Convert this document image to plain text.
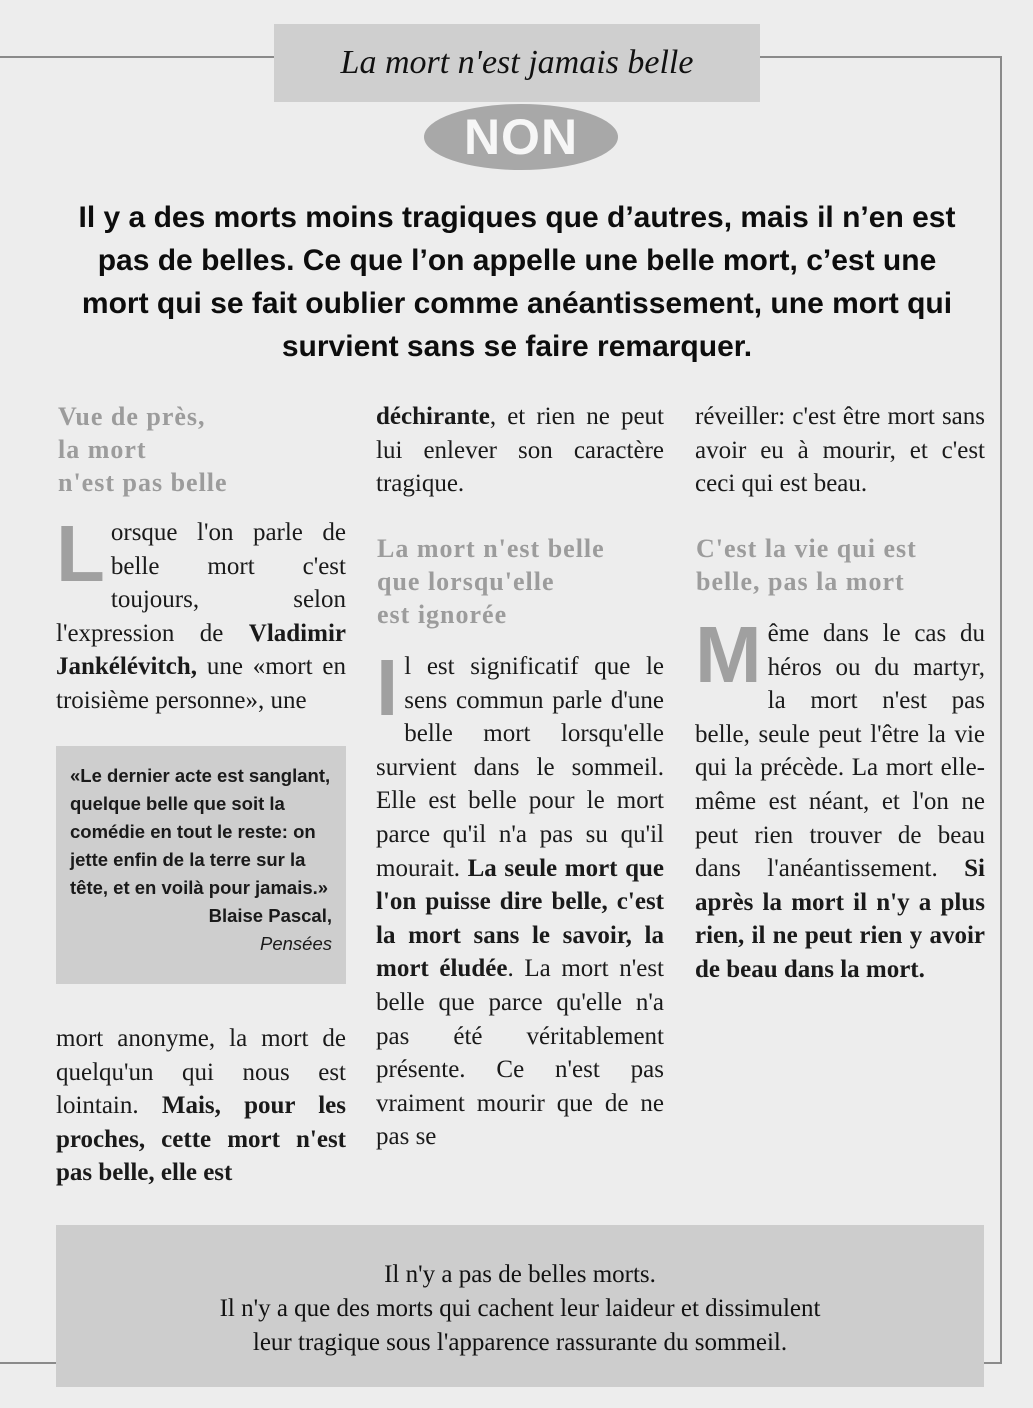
La mort n'est jamais belle
NON
Il y a des morts moins tragiques que d’autres, mais il n’en est pas de belles. Ce que l’on appelle une belle mort, c’est une mort qui se fait oublier comme anéantissement, une mort qui survient sans se faire remarquer.
Vue de près,
la mort
n'est pas belle

Lorsque l'on parle de belle mort c'est toujours, selon l'expression de Vladimir Jankélévitch, une «mort en troisième personne», une

«Le dernier acte est sanglant, quelque belle que soit la comédie en tout le reste: on jette enfin de la terre sur la tête, et en voilà pour jamais.»
Blaise Pascal,
Pensées

mort anonyme, la mort de quelqu'un qui nous est lointain. Mais, pour les proches, cette mort n'est pas belle, elle est

déchirante, et rien ne peut lui enlever son caractère tragique.

La mort n'est belle
que lorsqu'elle
est ignorée

Il est significatif que le sens commun parle d'une belle mort lorsqu'elle survient dans le sommeil. Elle est belle pour le mort parce qu'il n'a pas su qu'il mourait. La seule mort que l'on puisse dire belle, c'est la mort sans le savoir, la mort éludée. La mort n'est belle que parce qu'elle n'a pas été véritablement présente. Ce n'est pas vraiment mourir que de ne pas se

réveiller: c'est être mort sans avoir eu à mourir, et c'est ceci qui est beau.

C'est la vie qui est
belle, pas la mort

Même dans le cas du héros ou du martyr, la mort n'est pas belle, seule peut l'être la vie qui la précède. La mort elle-même est néant, et l'on ne peut rien trouver de beau dans l'anéantissement. Si après la mort il n'y a plus rien, il ne peut rien y avoir de beau dans la mort.

Il n'y a pas de belles morts.
Il n'y a que des morts qui cachent leur laideur et dissimulent
leur tragique sous l'apparence rassurante du sommeil.
